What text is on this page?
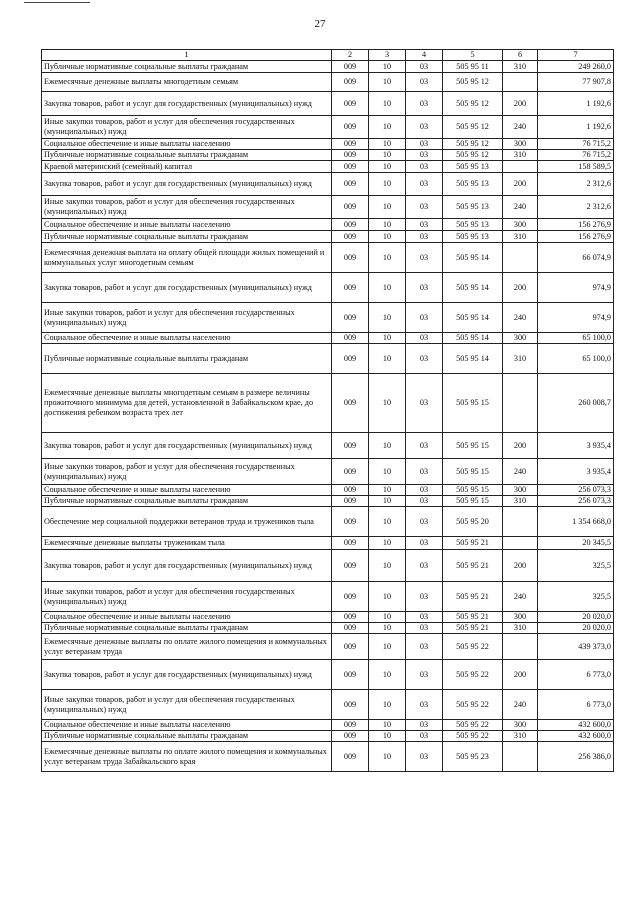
27
1	2	3	4	5	6	7
Публичные нормативные социальные выплаты гражданам	009	10	03	505 95 11	310	249 260,0
Ежемесячные денежные выплаты многодетным семьям	009	10	03	505 95 12		77 907,8
Закупка товаров, работ и услуг для государственных (муниципальных) нужд	009	10	03	505 95 12	200	1 192,6
Иные закупки товаров, работ и услуг для обеспечения государственных (муниципальных) нужд	009	10	03	505 95 12	240	1 192,6
Социальное обеспечение и иные выплаты населению	009	10	03	505 95 12	300	76 715,2
Публичные нормативные социальные выплаты гражданам	009	10	03	505 95 12	310	76 715,2
Краевой материнский (семейный) капитал	009	10	03	505 95 13		158 589,5
Закупка товаров, работ и услуг для государственных (муниципальных) нужд	009	10	03	505 95 13	200	2 312,6
Иные закупки товаров, работ и услуг для обеспечения государственных (муниципальных) нужд	009	10	03	505 95 13	240	2 312,6
Социальное обеспечение и иные выплаты населению	009	10	03	505 95 13	300	156 276,9
Публичные нормативные социальные выплаты гражданам	009	10	03	505 95 13	310	156 276,9
Ежемесячная денежная выплата на оплату общей площади жилых помещений и коммунальных услуг многодетным семьям	009	10	03	505 95 14		66 074,9
Закупка товаров, работ и услуг для государственных (муниципальных) нужд	009	10	03	505 95 14	200	974,9
Иные закупки товаров, работ и услуг для обеспечения государственных (муниципальных) нужд	009	10	03	505 95 14	240	974,9
Социальное обеспечение и иные выплаты населению	009	10	03	505 95 14	300	65 100,0
Публичные нормативные социальные выплаты гражданам	009	10	03	505 95 14	310	65 100,0
Ежемесячные денежные выплаты многодетным семьям в размере величины прожиточного минимума для детей, установленной в Забайкальском крае, до достижения ребенком возраста трех лет	009	10	03	505 95 15		260 008,7
Закупка товаров, работ и услуг для государственных (муниципальных) нужд	009	10	03	505 95 15	200	3 935,4
Иные закупки товаров, работ и услуг для обеспечения государственных (муниципальных) нужд	009	10	03	505 95 15	240	3 935,4
Социальное обеспечение и иные выплаты населению	009	10	03	505 95 15	300	256 073,3
Публичные нормативные социальные выплаты гражданам	009	10	03	505 95 15	310	256 073,3
Обеспечение мер социальной поддержки ветеранов труда и тружеников тыла	009	10	03	505 95 20		1 354 668,0
Ежемесячные денежные выплаты труженикам тыла	009	10	03	505 95 21		20 345,5
Закупка товаров, работ и услуг для государственных (муниципальных) нужд	009	10	03	505 95 21	200	325,5
Иные закупки товаров, работ и услуг для обеспечения государственных (муниципальных) нужд	009	10	03	505 95 21	240	325,5
Социальное обеспечение и иные выплаты населению	009	10	03	505 95 21	300	20 020,0
Публичные нормативные социальные выплаты гражданам	009	10	03	505 95 21	310	20 020,0
Ежемесячные денежные выплаты по оплате жилого помещения и коммунальных услуг ветеранам труда	009	10	03	505 95 22		439 373,0
Закупка товаров, работ и услуг для государственных (муниципальных) нужд	009	10	03	505 95 22	200	6 773,0
Иные закупки товаров, работ и услуг для обеспечения государственных (муниципальных) нужд	009	10	03	505 95 22	240	6 773,0
Социальное обеспечение и иные выплаты населению	009	10	03	505 95 22	300	432 600,0
Публичные нормативные социальные выплаты гражданам	009	10	03	505 95 22	310	432 600,0
Ежемесячные денежные выплаты по оплате жилого помещения и коммунальных услуг ветеранам труда Забайкальского края	009	10	03	505 95 23		256 386,0
